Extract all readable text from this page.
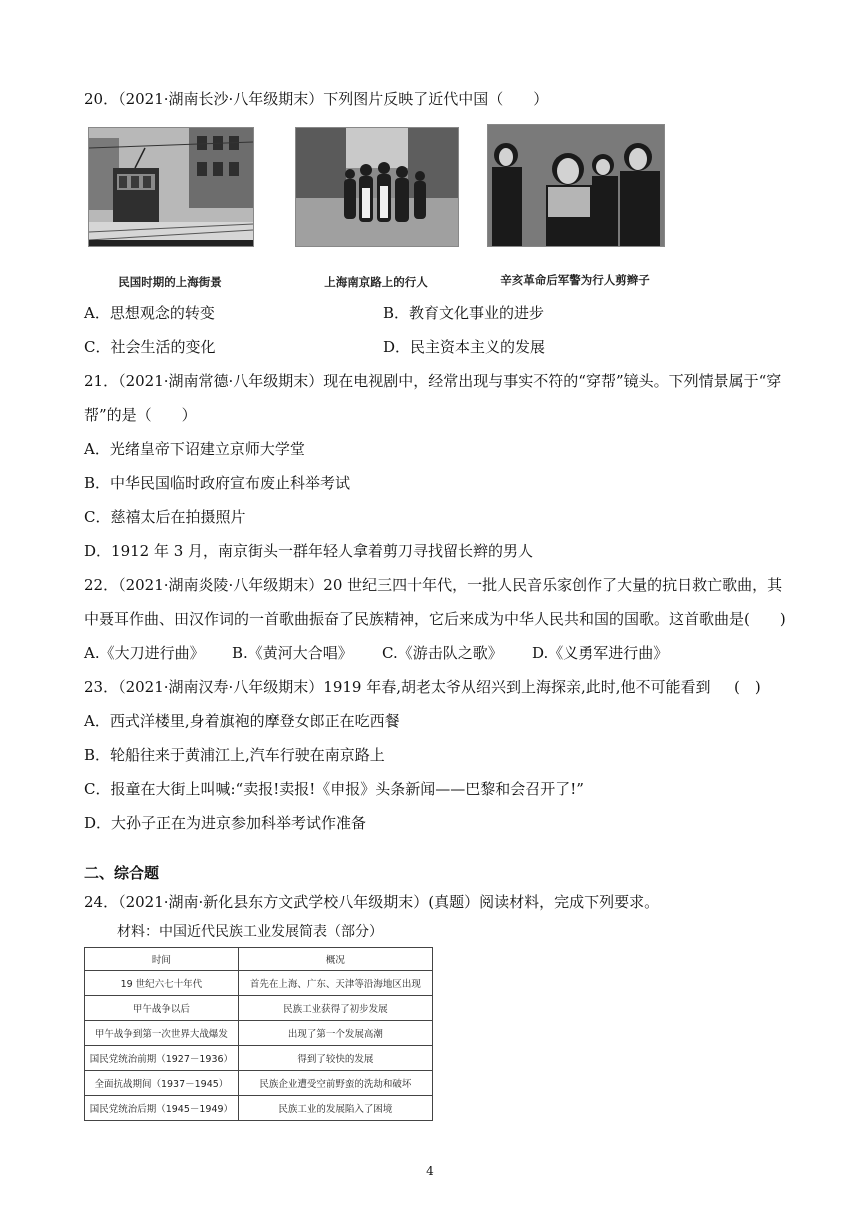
20．（2021·湖南长沙·八年级期末）下列图片反映了近代中国（　　）
民国时期的上海街景	上海南京路上的行人	辛亥革命后军警为行人剪辫子
A．思想观念的转变	B．教育文化事业的进步
C．社会生活的变化	D．民主资本主义的发展
21．（2021·湖南常德·八年级期末）现在电视剧中，经常出现与事实不符的“穿帮”镜头。下列情景属于“穿
帮”的是（　　）
A．光绪皇帝下诏建立京师大学堂
B．中华民国临时政府宣布废止科举考试
C．慈禧太后在拍摄照片
D．1912 年 3 月，南京街头一群年轻人拿着剪刀寻找留长辫的男人
22．（2021·湖南炎陵·八年级期末）20 世纪三四十年代，一批人民音乐家创作了大量的抗日救亡歌曲，其
中聂耳作曲、田汉作词的一首歌曲振奋了民族精神，它后来成为中华人民共和国的国歌。这首歌曲是(　　)
A.《大刀进行曲》 B.《黄河大合唱》 C.《游击队之歌》 D.《义勇军进行曲》
23．（2021·湖南汉寿·八年级期末）1919 年春,胡老太爷从绍兴到上海探亲,此时,他不可能看到 (　)
A．西式洋楼里,身着旗袍的摩登女郎正在吃西餐
B．轮船往来于黄浦江上,汽车行驶在南京路上
C．报童在大街上叫喊:“卖报!卖报!《申报》头条新闻——巴黎和会召开了!”
D．大孙子正在为进京参加科举考试作准备
二、综合题
24．（2021·湖南·新化县东方文武学校八年级期末）(真题）阅读材料，完成下列要求。
材料：中国近代民族工业发展简表（部分）
时间	概况
19 世纪六七十年代	首先在上海、广东、天津等沿海地区出现
甲午战争以后	民族工业获得了初步发展
甲午战争到第一次世界大战爆发	出现了第一个发展高潮
国民党统治前期（1927－1936）	得到了较快的发展
全面抗战期间（1937－1945）	民族企业遭受空前野蛮的洗劫和破坏
国民党统治后期（1945－1949）	民族工业的发展陷入了困境
4
